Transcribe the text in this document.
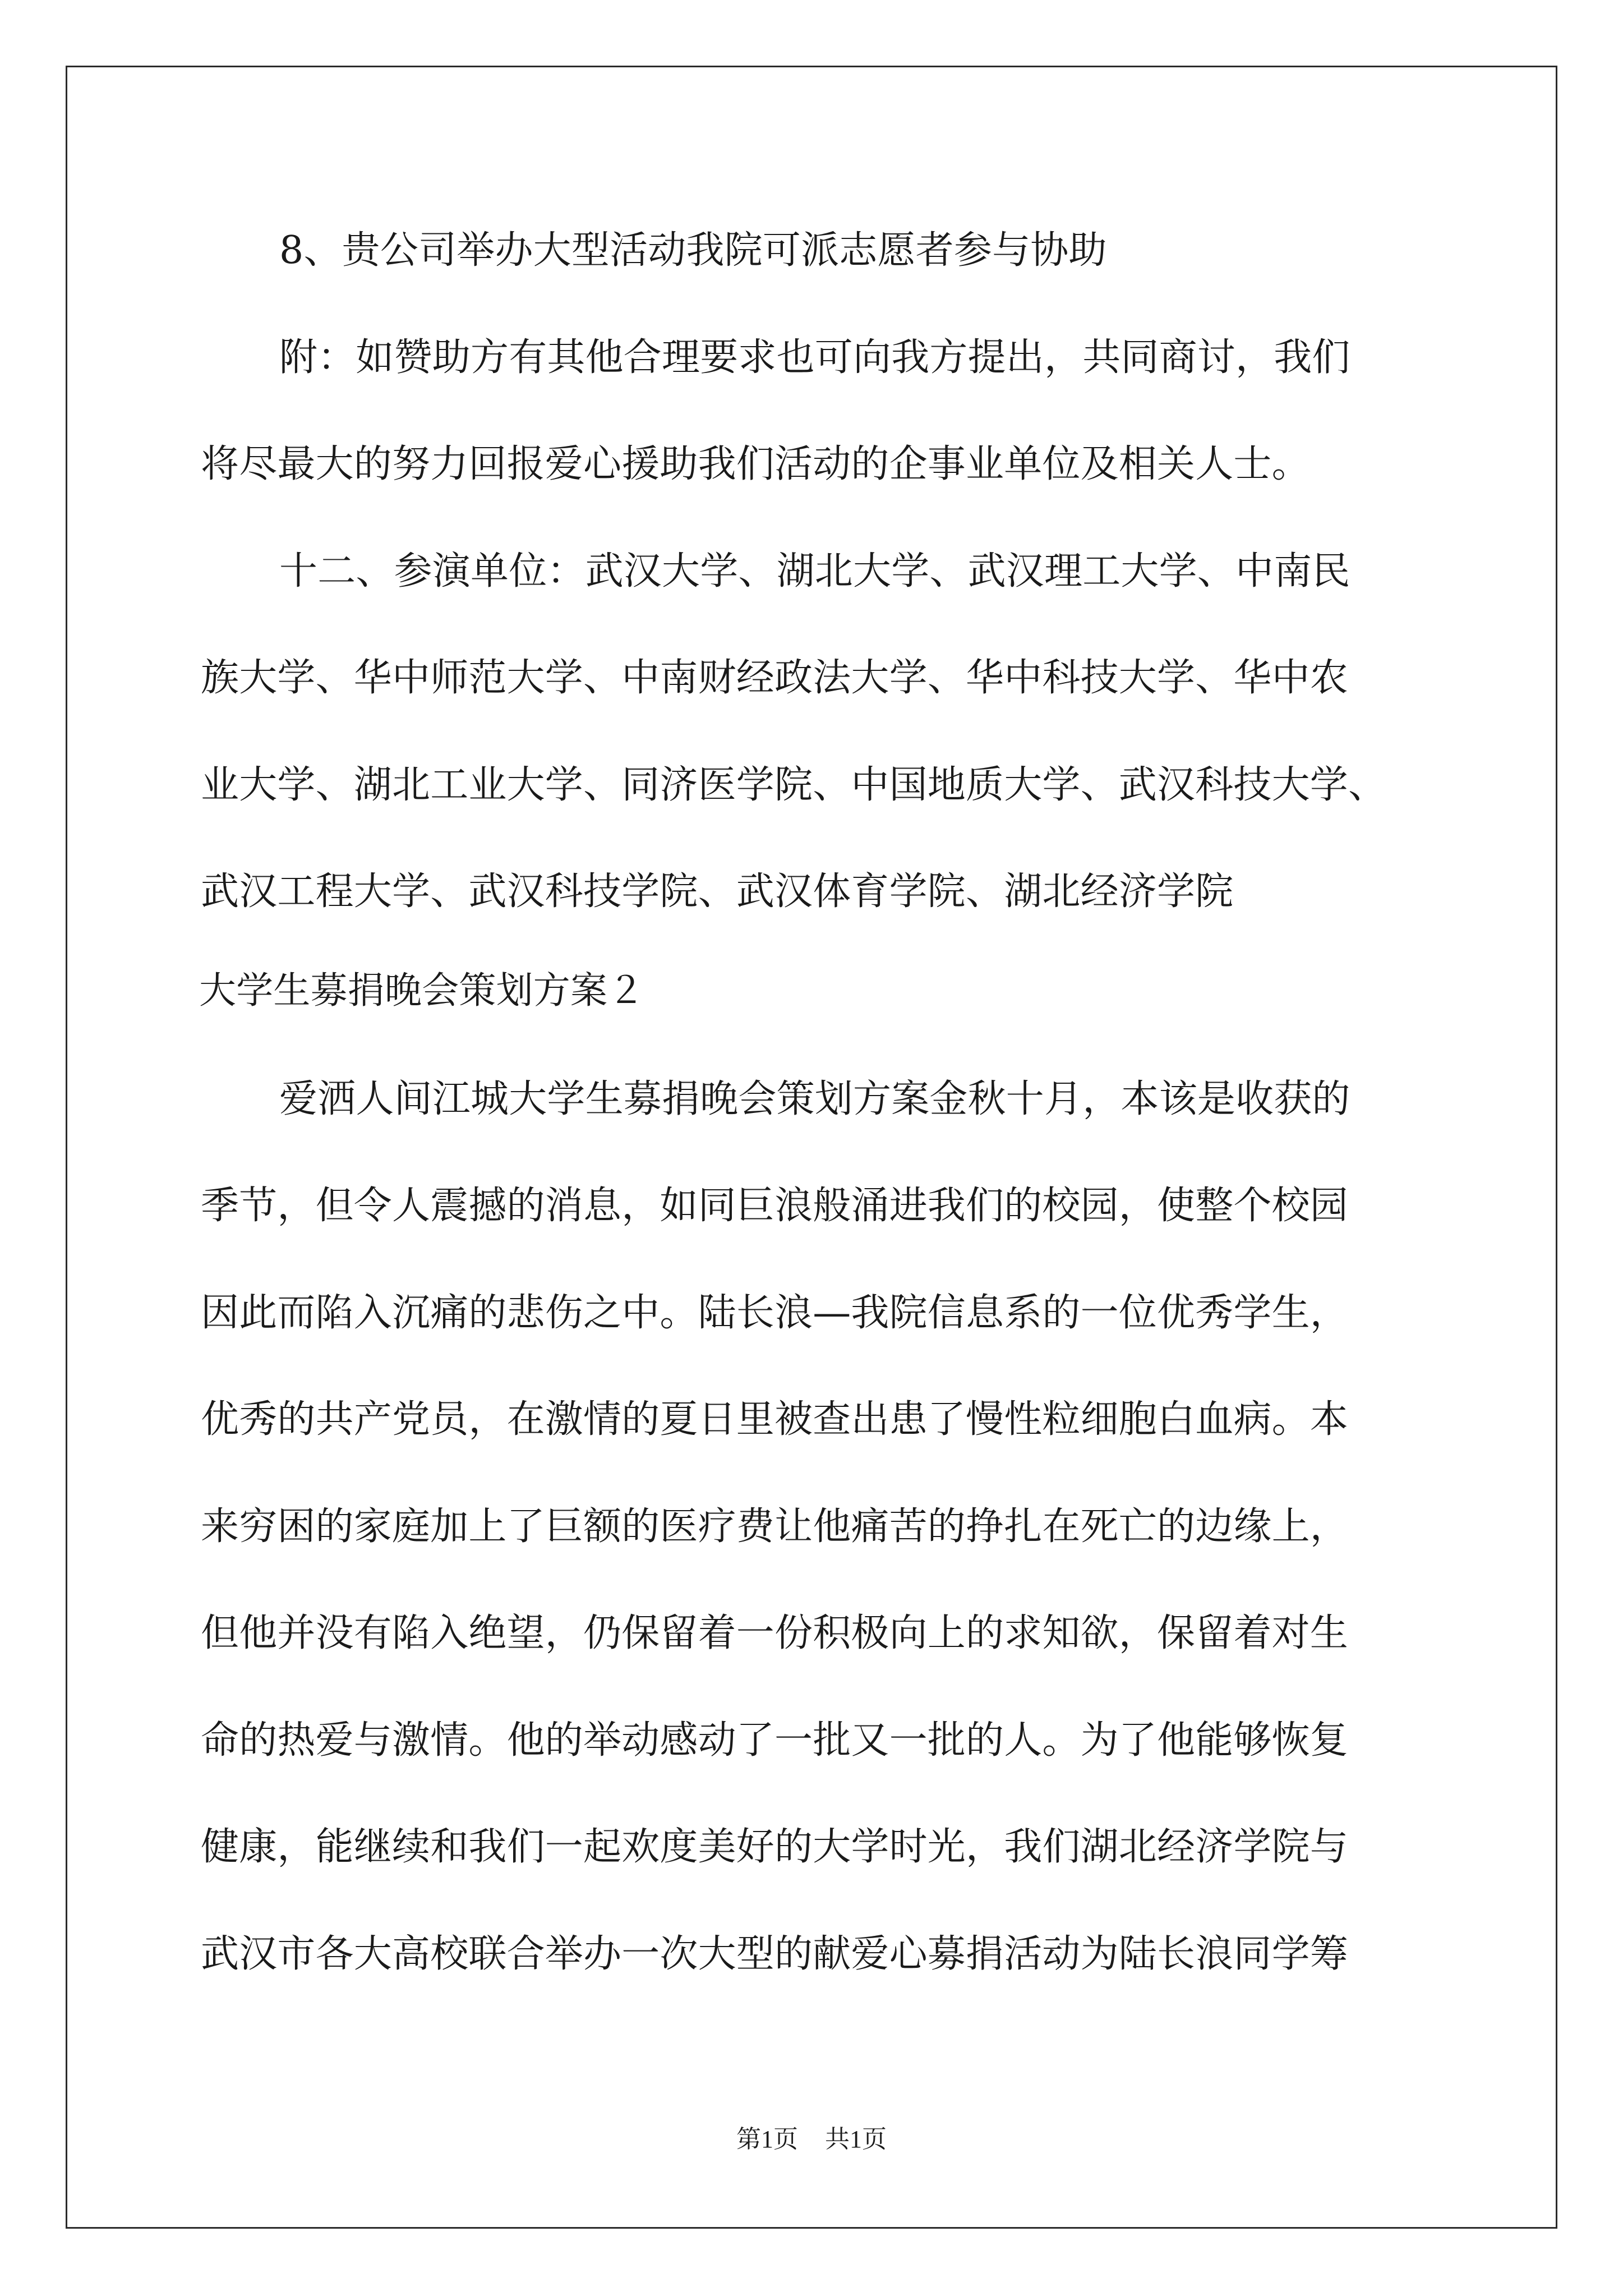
8、贵公司举办大型活动我院可派志愿者参与协助
附：如赞助方有其他合理要求也可向我方提出，共同商讨，我们
将尽最大的努力回报爱心援助我们活动的企事业单位及相关人士。
十二、参演单位：武汉大学、湖北大学、武汉理工大学、中南民
族大学、华中师范大学、中南财经政法大学、华中科技大学、华中农
业大学、湖北工业大学、同济医学院、中国地质大学、武汉科技大学、
武汉工程大学、武汉科技学院、武汉体育学院、湖北经济学院
大学生募捐晚会策划方案２
爱洒人间江城大学生募捐晚会策划方案金秋十月，本该是收获的
季节，但令人震撼的消息，如同巨浪般涌进我们的校园，使整个校园
因此而陷入沉痛的悲伤之中。陆长浪—我院信息系的一位优秀学生，
优秀的共产党员，在激情的夏日里被查出患了慢性粒细胞白血病。本
来穷困的家庭加上了巨额的医疗费让他痛苦的挣扎在死亡的边缘上，
但他并没有陷入绝望，仍保留着一份积极向上的求知欲，保留着对生
命的热爱与激情。他的举动感动了一批又一批的人。为了他能够恢复
健康，能继续和我们一起欢度美好的大学时光，我们湖北经济学院与
武汉市各大高校联合举办一次大型的献爱心募捐活动为陆长浪同学筹
第1页 共1页
